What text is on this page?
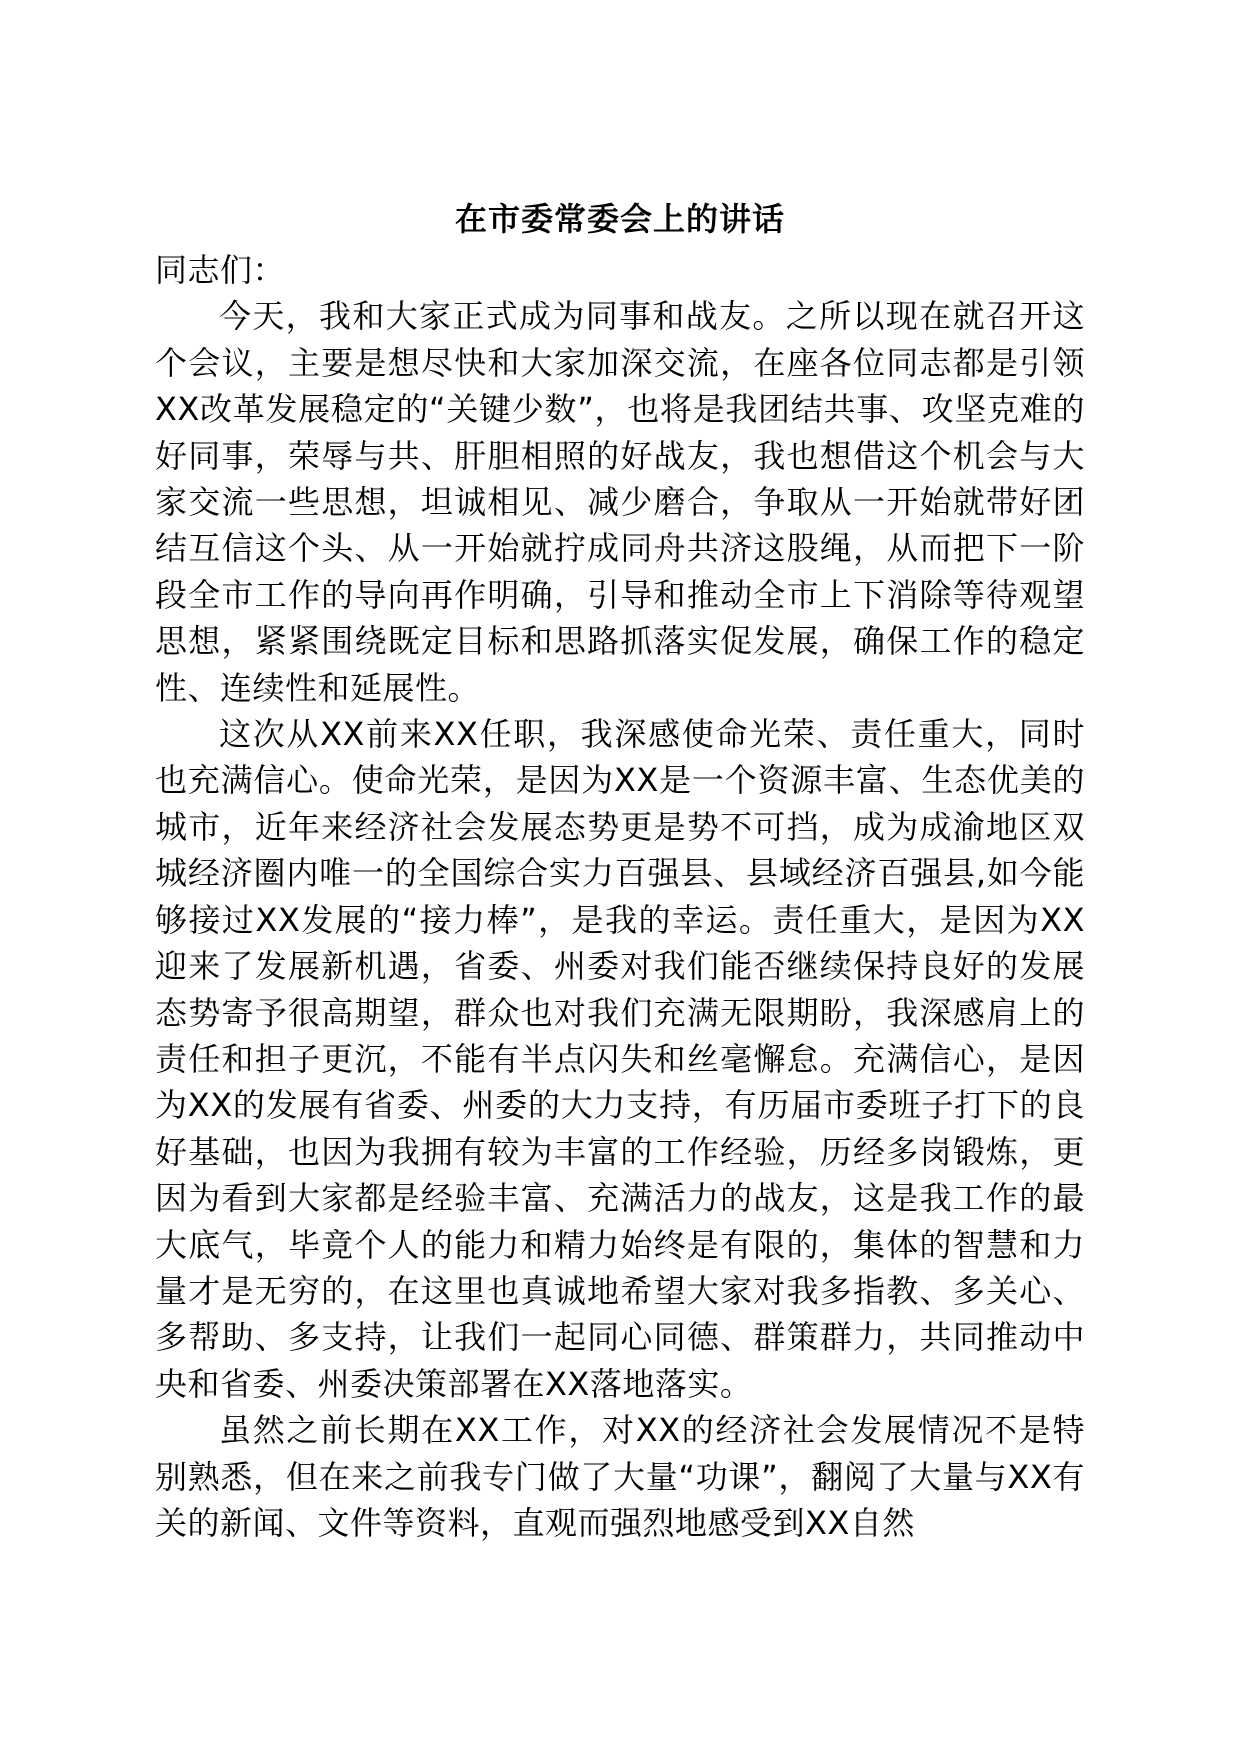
在市委常委会上的讲话

同志们：

今天，我和大家正式成为同事和战友。之所以现在就召开这个会议，主要是想尽快和大家加深交流，在座各位同志都是引领XX改革发展稳定的“关键少数”，也将是我团结共事、攻坚克难的好同事，荣辱与共、肝胆相照的好战友，我也想借这个机会与大家交流一些思想，坦诚相见、减少磨合，争取从一开始就带好团结互信这个头、从一开始就拧成同舟共济这股绳，从而把下一阶段全市工作的导向再作明确，引导和推动全市上下消除等待观望思想，紧紧围绕既定目标和思路抓落实促发展，确保工作的稳定性、连续性和延展性。

这次从XX前来XX任职，我深感使命光荣、责任重大，同时也充满信心。使命光荣，是因为XX是一个资源丰富、生态优美的城市，近年来经济社会发展态势更是势不可挡，成为成渝地区双城经济圈内唯一的全国综合实力百强县、县域经济百强县,如今能够接过XX发展的“接力棒”，是我的幸运。责任重大，是因为XX迎来了发展新机遇，省委、州委对我们能否继续保持良好的发展态势寄予很高期望，群众也对我们充满无限期盼，我深感肩上的责任和担子更沉，不能有半点闪失和丝毫懈怠。充满信心，是因为XX的发展有省委、州委的大力支持，有历届市委班子打下的良好基础，也因为我拥有较为丰富的工作经验，历经多岗锻炼，更因为看到大家都是经验丰富、充满活力的战友，这是我工作的最大底气，毕竟个人的能力和精力始终是有限的，集体的智慧和力量才是无穷的，在这里也真诚地希望大家对我多指教、多关心、多帮助、多支持，让我们一起同心同德、群策群力，共同推动中央和省委、州委决策部署在XX落地落实。

虽然之前长期在XX工作，对XX的经济社会发展情况不是特别熟悉，但在来之前我专门做了大量“功课”，翻阅了大量与XX有关的新闻、文件等资料，直观而强烈地感受到XX自然
